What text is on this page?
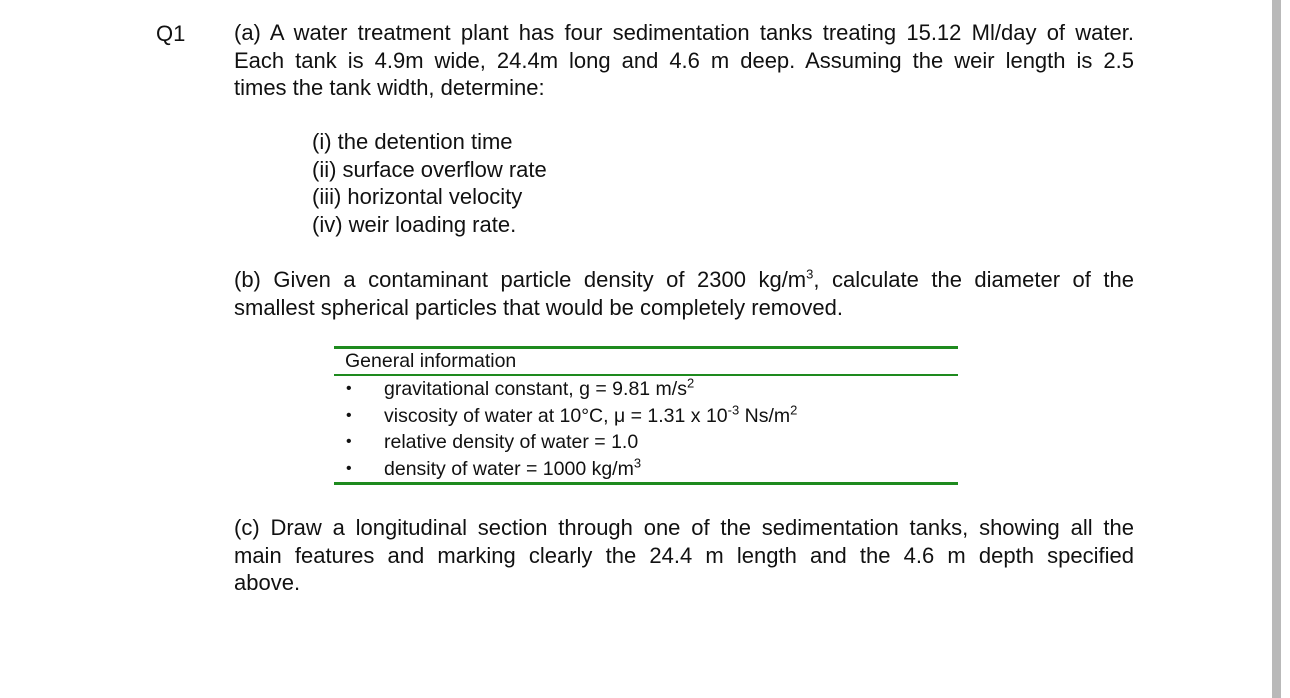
Q1 (a) A water treatment plant has four sedimentation tanks treating 15.12 Ml/day of water.
Each tank is 4.9m wide, 24.4m long and 4.6 m deep. Assuming the weir length is 2.5
times the tank width, determine:
(i) the detention time
(ii) surface overflow rate
(iii) horizontal velocity
(iv) weir loading rate.
(b) Given a contaminant particle density of 2300 $kg/m^3$, calculate the diameter of the
smallest spherical particles that would be completely removed.
General information
• gravitational constant, g = 9.81 $m/s^2$
• viscosity of water at 10°C, μ = 1.31 x $10^{-3}$ $Ns/m^2$
• relative density of water = 1.0
• density of water = 1000 $kg/m^3$
(c) Draw a longitudinal section through one of the sedimentation tanks, showing all the
main features and marking clearly the 24.4 m length and the 4.6 m depth specified
above.
